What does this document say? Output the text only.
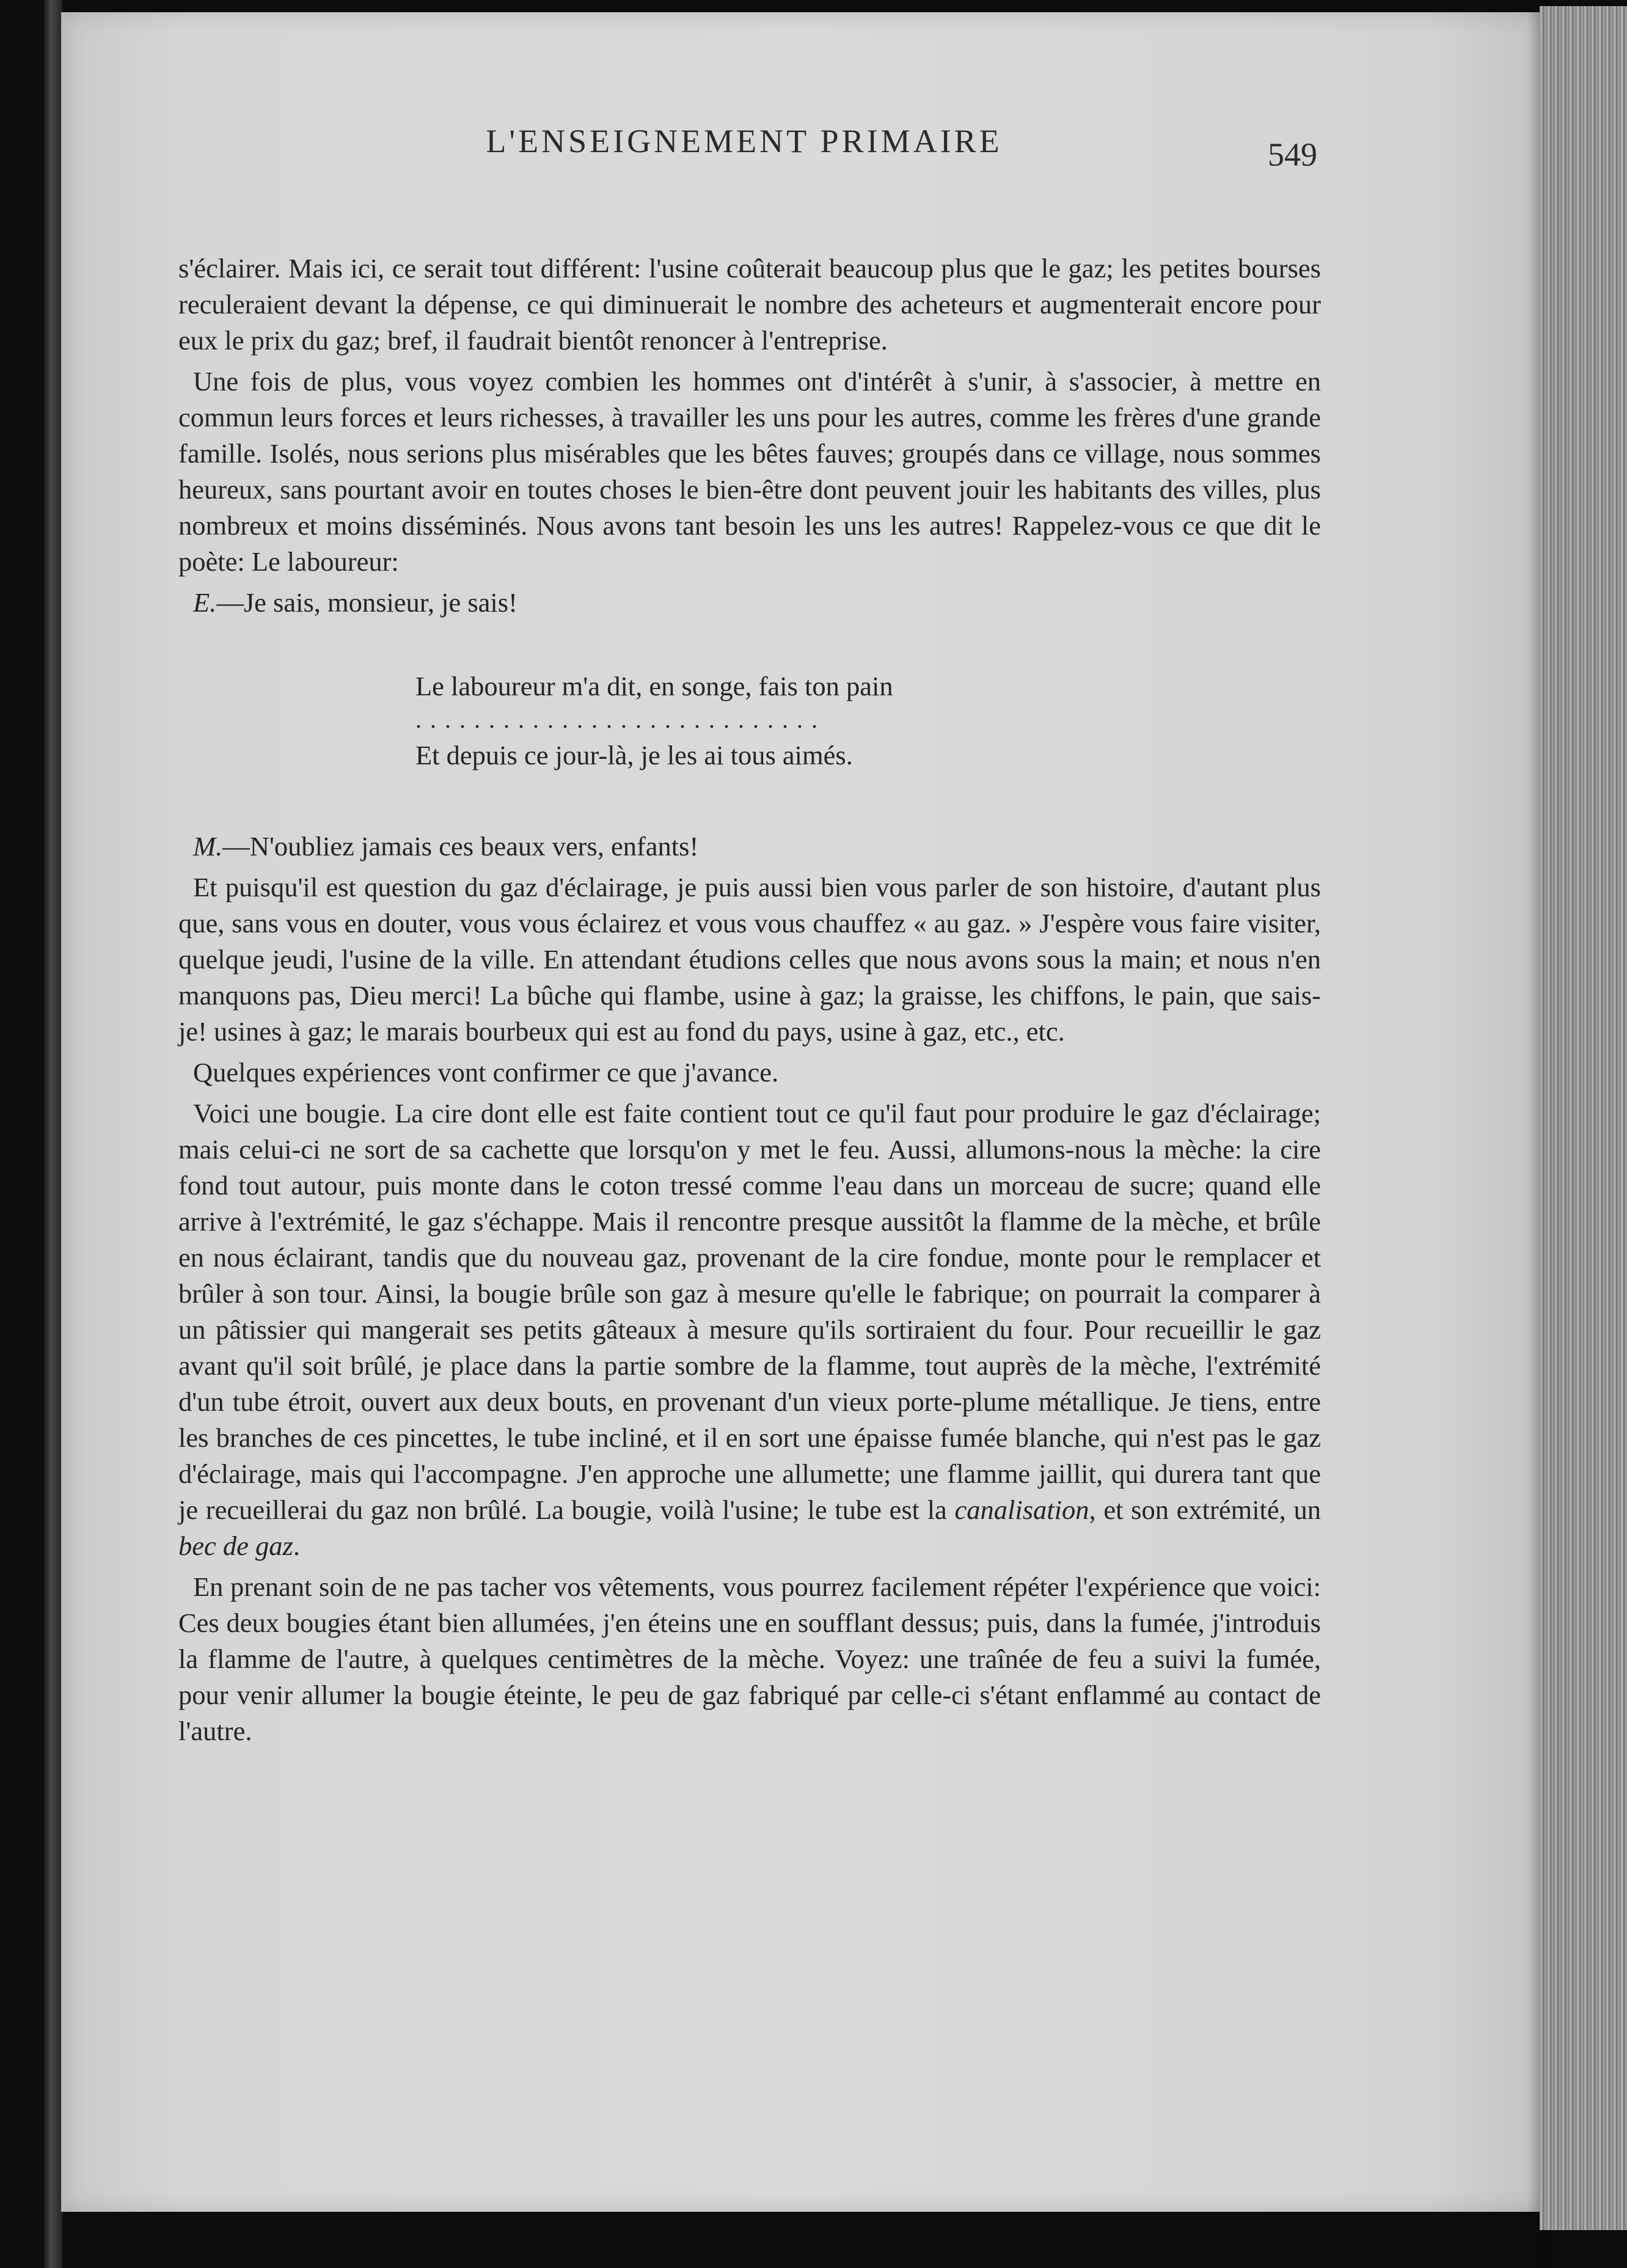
L'ENSEIGNEMENT PRIMAIRE	549

s'éclairer. Mais ici, ce serait tout différent: l'usine coûterait beaucoup plus que le gaz; les petites bourses reculeraient devant la dépense, ce qui diminuerait le nombre des acheteurs et augmenterait encore pour eux le prix du gaz; bref, il faudrait bientôt renoncer à l'entreprise.

Une fois de plus, vous voyez combien les hommes ont d'intérêt à s'unir, à s'associer, à mettre en commun leurs forces et leurs richesses, à travailler les uns pour les autres, comme les frères d'une grande famille. Isolés, nous serions plus misérables que les bêtes fauves; groupés dans ce village, nous sommes heureux, sans pourtant avoir en toutes choses le bien-être dont peuvent jouir les habitants des villes, plus nombreux et moins disséminés. Nous avons tant besoin les uns les autres! Rappelez-vous ce que dit le poète: Le laboureur:

E.—Je sais, monsieur, je sais!

Le laboureur m'a dit, en songe, fais ton pain
............................
Et depuis ce jour-là, je les ai tous aimés.

M.—N'oubliez jamais ces beaux vers, enfants!

Et puisqu'il est question du gaz d'éclairage, je puis aussi bien vous parler de son histoire, d'autant plus que, sans vous en douter, vous vous éclairez et vous vous chauffez « au gaz. » J'espère vous faire visiter, quelque jeudi, l'usine de la ville. En attendant étudions celles que nous avons sous la main; et nous n'en manquons pas, Dieu merci! La bûche qui flambe, usine à gaz; la graisse, les chiffons, le pain, que sais-je! usines à gaz; le marais bourbeux qui est au fond du pays, usine à gaz, etc., etc.

Quelques expériences vont confirmer ce que j'avance.

Voici une bougie. La cire dont elle est faite contient tout ce qu'il faut pour produire le gaz d'éclairage; mais celui-ci ne sort de sa cachette que lorsqu'on y met le feu. Aussi, allumons-nous la mèche: la cire fond tout autour, puis monte dans le coton tressé comme l'eau dans un morceau de sucre; quand elle arrive à l'extrémité, le gaz s'échappe. Mais il rencontre presque aussitôt la flamme de la mèche, et brûle en nous éclairant, tandis que du nouveau gaz, provenant de la cire fondue, monte pour le remplacer et brûler à son tour. Ainsi, la bougie brûle son gaz à mesure qu'elle le fabrique; on pourrait la comparer à un pâtissier qui mangerait ses petits gâteaux à mesure qu'ils sortiraient du four. Pour recueillir le gaz avant qu'il soit brûlé, je place dans la partie sombre de la flamme, tout auprès de la mèche, l'extrémité d'un tube étroit, ouvert aux deux bouts, en provenant d'un vieux porte-plume métallique. Je tiens, entre les branches de ces pincettes, le tube incliné, et il en sort une épaisse fumée blanche, qui n'est pas le gaz d'éclairage, mais qui l'accompagne. J'en approche une allumette; une flamme jaillit, qui durera tant que je recueillerai du gaz non brûlé. La bougie, voilà l'usine; le tube est la canalisation, et son extrémité, un bec de gaz.

En prenant soin de ne pas tacher vos vêtements, vous pourrez facilement répéter l'expérience que voici: Ces deux bougies étant bien allumées, j'en éteins une en soufflant dessus; puis, dans la fumée, j'introduis la flamme de l'autre, à quelques centimètres de la mèche. Voyez: une traînée de feu a suivi la fumée, pour venir allumer la bougie éteinte, le peu de gaz fabriqué par celle-ci s'étant enflammé au contact de l'autre.
